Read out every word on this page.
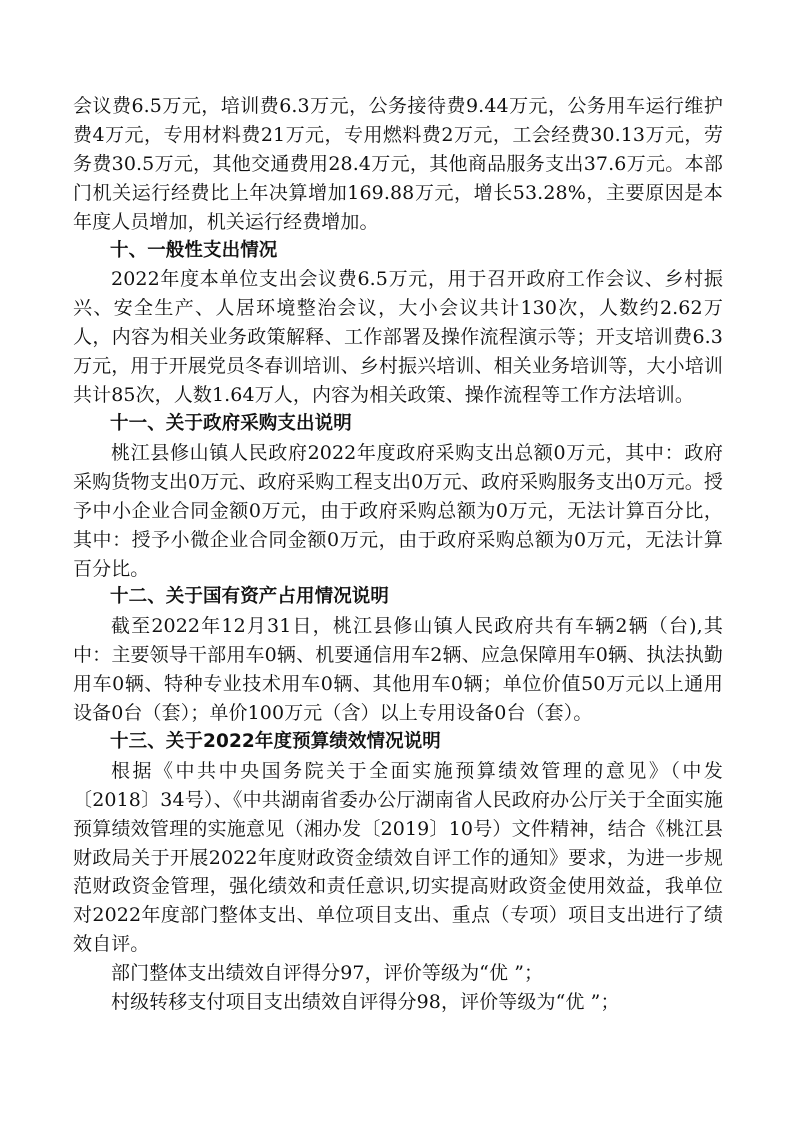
会议费6.5万元，培训费6.3万元，公务接待费9.44万元，公务用车运行维护费4万元，专用材料费21万元，专用燃料费2万元，工会经费30.13万元，劳务费30.5万元，其他交通费用28.4万元，其他商品服务支出37.6万元。本部门机关运行经费比上年决算增加169.88万元，增长53.28%，主要原因是本年度人员增加，机关运行经费增加。

十、一般性支出情况

2022年度本单位支出会议费6.5万元，用于召开政府工作会议、乡村振兴、安全生产、人居环境整治会议，大小会议共计130次，人数约2.62万人，内容为相关业务政策解释、工作部署及操作流程演示等；开支培训费6.3万元，用于开展党员冬春训培训、乡村振兴培训、相关业务培训等，大小培训共计85次，人数1.64万人，内容为相关政策、操作流程等工作方法培训。

十一、关于政府采购支出说明

桃江县修山镇人民政府2022年度政府采购支出总额0万元，其中：政府采购货物支出0万元、政府采购工程支出0万元、政府采购服务支出0万元。授予中小企业合同金额0万元，由于政府采购总额为0万元，无法计算百分比，其中：授予小微企业合同金额0万元，由于政府采购总额为0万元，无法计算百分比。

十二、关于国有资产占用情况说明

截至2022年12月31日，桃江县修山镇人民政府共有车辆2辆（台),其中：主要领导干部用车0辆、机要通信用车2辆、应急保障用车0辆、执法执勤用车0辆、特种专业技术用车0辆、其他用车0辆；单位价值50万元以上通用设备0台（套）；单价100万元（含）以上专用设备0台（套）。

十三、关于2022年度预算绩效情况说明

根据《中共中央国务院关于全面实施预算绩效管理的意见》（中发〔2018〕34号）、《中共湖南省委办公厅湖南省人民政府办公厅关于全面实施预算绩效管理的实施意见（湘办发〔2019〕10号）文件精神，结合《桃江县财政局关于开展2022年度财政资金绩效自评工作的通知》要求，为进一步规范财政资金管理，强化绩效和责任意识,切实提高财政资金使用效益，我单位对2022年度部门整体支出、单位项目支出、重点（专项）项目支出进行了绩效自评。

部门整体支出绩效自评得分97，评价等级为“优 ”；

村级转移支付项目支出绩效自评得分98，评价等级为“优 ”；
